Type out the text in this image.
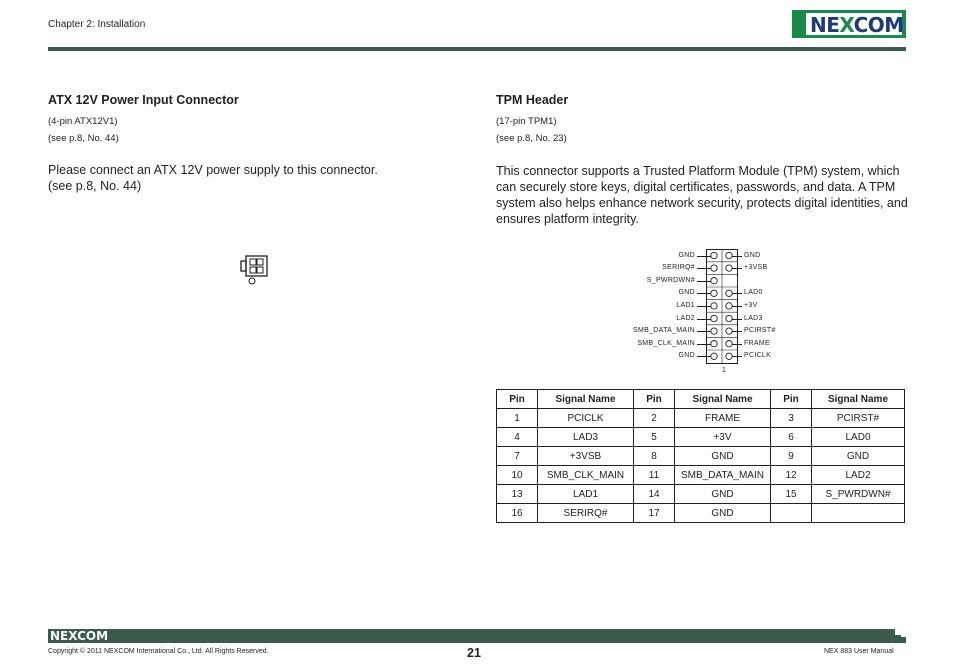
Chapter 2: Installation	NEXCOM
ATX 12V Power Input Connector
(4-pin ATX12V1)
(see p.8, No. 44)
Please connect an ATX 12V power supply to this connector.
(see p.8, No. 44)
TPM Header
(17-pin TPM1)
(see p.8, No. 23)
This connector supports a Trusted Platform Module (TPM) system, which
can securely store keys, digital certificates, passwords, and data. A TPM
system also helps enhance network security, protects digital identities, and
ensures platform integrity.
1
GND	GND
SERIRQ#	+3VSB
S_PWRDWN#
GND	LAD0
LAD1	+3V
LAD2	LAD3
SMB_DATA_MAIN	PCIRST#
SMB_CLK_MAIN	FRAME
GND	PCICLK
Pin	Signal Name	Pin	Signal Name	Pin	Signal Name
1	PCICLK	2	FRAME	3	PCIRST#
4	LAD3	5	+3V	6	LAD0
7	+3VSB	8	GND	9	GND
10	SMB_CLK_MAIN	11	SMB_DATA_MAIN	12	LAD2
13	LAD1	14	GND	15	S_PWRDWN#
16	SERIRQ#	17	GND		
NEXCOM
Copyright © 2011 NEXCOM International Co., Ltd. All Rights Reserved.	21	NEX 883 User Manual
